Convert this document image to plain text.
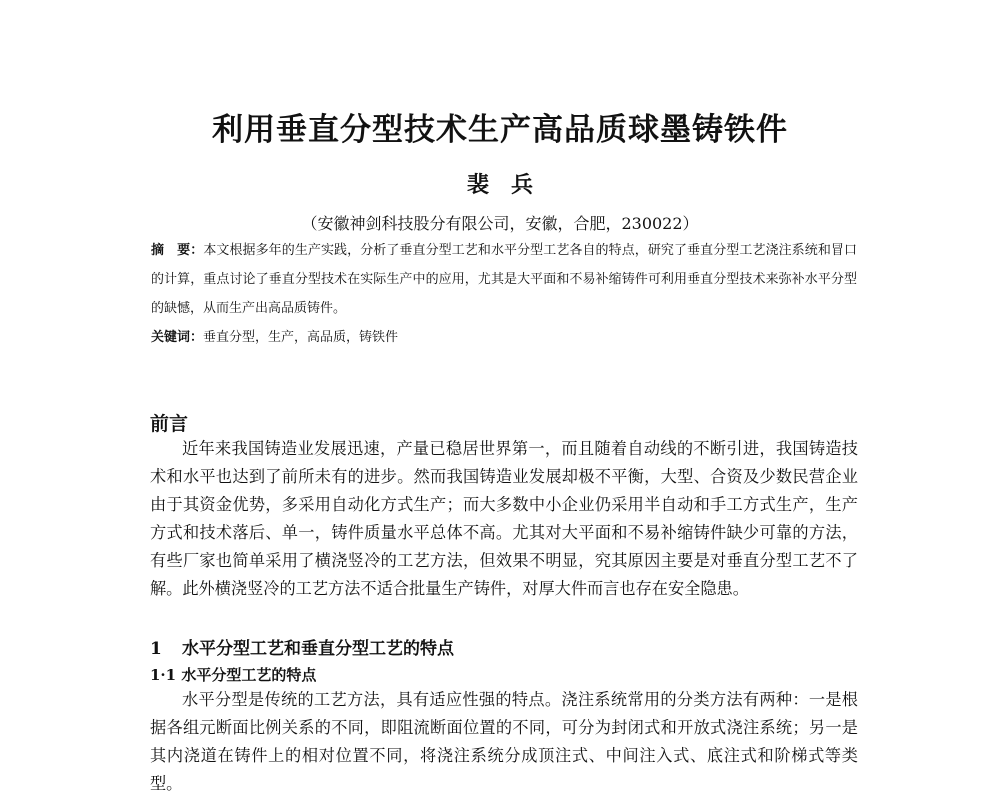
利用垂直分型技术生产高品质球墨铸铁件
裴兵
（安徽神剑科技股分有限公司，安徽，合肥，230022）
摘　要：本文根据多年的生产实践，分析了垂直分型工艺和水平分型工艺各自的特点，研究了垂直分型工艺浇注系统和冒口的计算，重点讨论了垂直分型技术在实际生产中的应用，尤其是大平面和不易补缩铸件可利用垂直分型技术来弥补水平分型的缺憾，从而生产出高品质铸件。
关键词：垂直分型，生产，高品质，铸铁件
前言
近年来我国铸造业发展迅速，产量已稳居世界第一，而且随着自动线的不断引进，我国铸造技术和水平也达到了前所未有的进步。然而我国铸造业发展却极不平衡，大型、合资及少数民营企业由于其资金优势，多采用自动化方式生产；而大多数中小企业仍采用半自动和手工方式生产，生产方式和技术落后、单一，铸件质量水平总体不高。尤其对大平面和不易补缩铸件缺少可靠的方法，有些厂家也简单采用了横浇竖冷的工艺方法，但效果不明显，究其原因主要是对垂直分型工艺不了解。此外横浇竖冷的工艺方法不适合批量生产铸件，对厚大件而言也存在安全隐患。
1 水平分型工艺和垂直分型工艺的特点
1·1 水平分型工艺的特点
水平分型是传统的工艺方法，具有适应性强的特点。浇注系统常用的分类方法有两种：一是根据各组元断面比例关系的不同，即阻流断面位置的不同，可分为封闭式和开放式浇注系统；另一是其内浇道在铸件上的相对位置不同，将浇注系统分成顶注式、中间注入式、底注式和阶梯式等类型。
